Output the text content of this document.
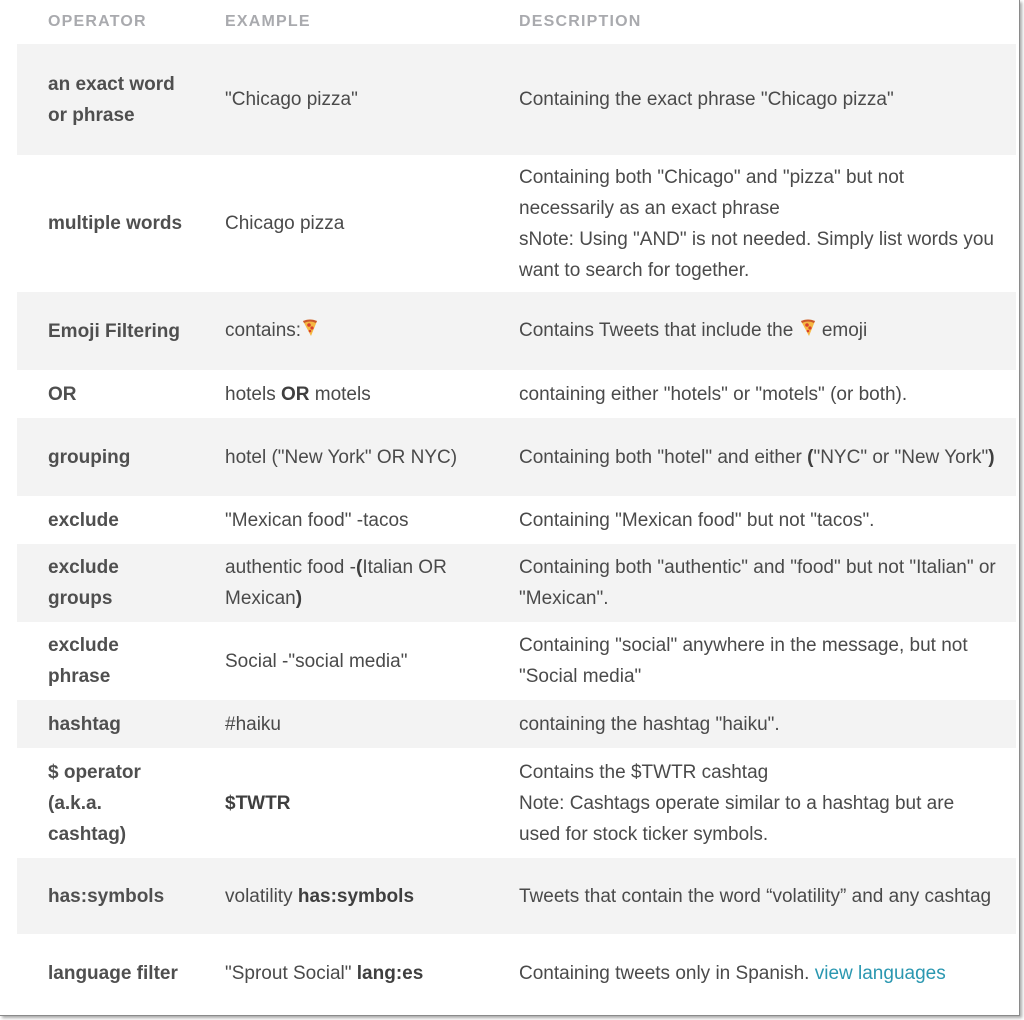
OPERATOR	EXAMPLE	DESCRIPTION
an exact word or phrase	"Chicago pizza"	Containing the exact phrase "Chicago pizza"
multiple words	Chicago pizza	Containing both "Chicago" and "pizza" but not necessarily as an exact phrase
sNote: Using "AND" is not needed. Simply list words you want to search for together.

Emoji Filtering	contains:	Contains Tweets that include the  emoji
OR	hotels OR motels	containing either "hotels" or "motels" (or both).
grouping	hotel ("New York" OR NYC)	Containing both "hotel" and either ("NYC" or "New York")
exclude	"Mexican food" -tacos	Containing "Mexican food" but not "tacos".
exclude groups	authentic food -(Italian OR Mexican)	Containing both "authentic" and "food" but not "Italian" or "Mexican".
exclude phrase	Social -"social media"	Containing "social" anywhere in the message, but not "Social media"
hashtag	#haiku	containing the hashtag "haiku".
$ operator (a.k.a. cashtag)	$TWTR	Contains the $TWTR cashtag
Note: Cashtags operate similar to a hashtag but are used for stock ticker symbols.

has:symbols	volatility has:symbols	Tweets that contain the word “volatility” and any cashtag
language filter	"Sprout Social" lang:es	Containing tweets only in Spanish. view languages
